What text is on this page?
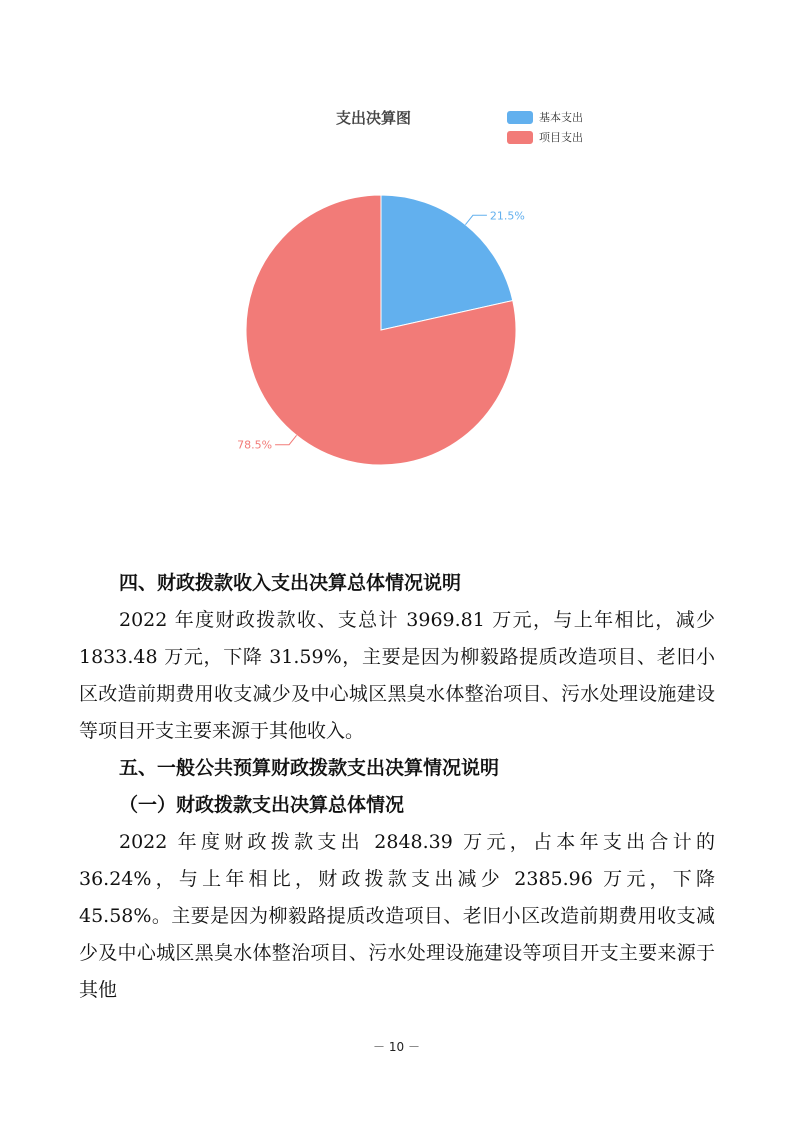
支出决算图	基本支出
项目支出
21.5%
78.5%

四、财政拨款收入支出决算总体情况说明

2022 年度财政拨款收、支总计 3969.81 万元，与上年相比，减少 1833.48 万元，下降 31.59%，主要是因为柳毅路提质改造项目、老旧小区改造前期费用收支减少及中心城区黑臭水体整治项目、污水处理设施建设等项目开支主要来源于其他收入。

五、一般公共预算财政拨款支出决算情况说明

（一）财政拨款支出决算总体情况

2022 年度财政拨款支出 2848.39 万元，占本年支出合计的 36.24%，与上年相比，财政拨款支出减少 2385.96 万元，下降 45.58%。主要是因为柳毅路提质改造项目、老旧小区改造前期费用收支减少及中心城区黑臭水体整治项目、污水处理设施建设等项目开支主要来源于其他

－ 10 －
